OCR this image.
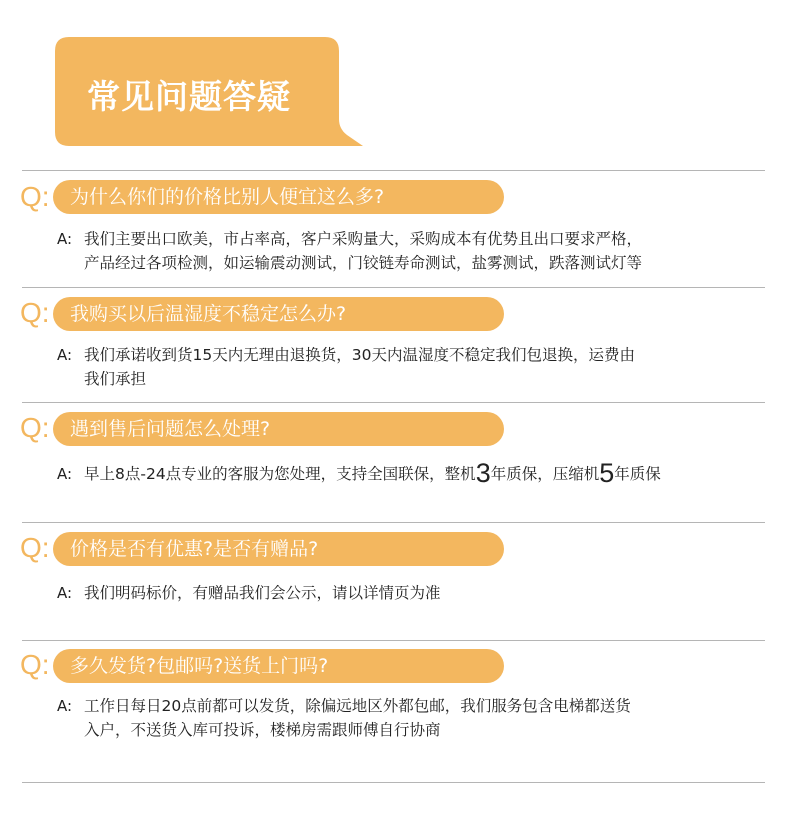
常见问题答疑
Q:	为什么你们的价格比别人便宜这么多?
A: 我们主要出口欧美，市占率高，客户采购量大，采购成本有优势且出口要求严格，
产品经过各项检测，如运输震动测试，门铰链寿命测试，盐雾测试，跌落测试灯等
Q:	我购买以后温湿度不稳定怎么办?
A: 我们承诺收到货15天内无理由退换货，30天内温湿度不稳定我们包退换，运费由
我们承担
Q:	遇到售后问题怎么处理?
A: 早上8点-24点专业的客服为您处理，支持全国联保，整机3年质保，压缩机5年质保
Q:	价格是否有优惠?是否有赠品?
A: 我们明码标价，有赠品我们会公示，请以详情页为准
Q:	多久发货?包邮吗?送货上门吗?
A: 工作日每日20点前都可以发货，除偏远地区外都包邮，我们服务包含电梯都送货
入户，不送货入库可投诉，楼梯房需跟师傅自行协商
